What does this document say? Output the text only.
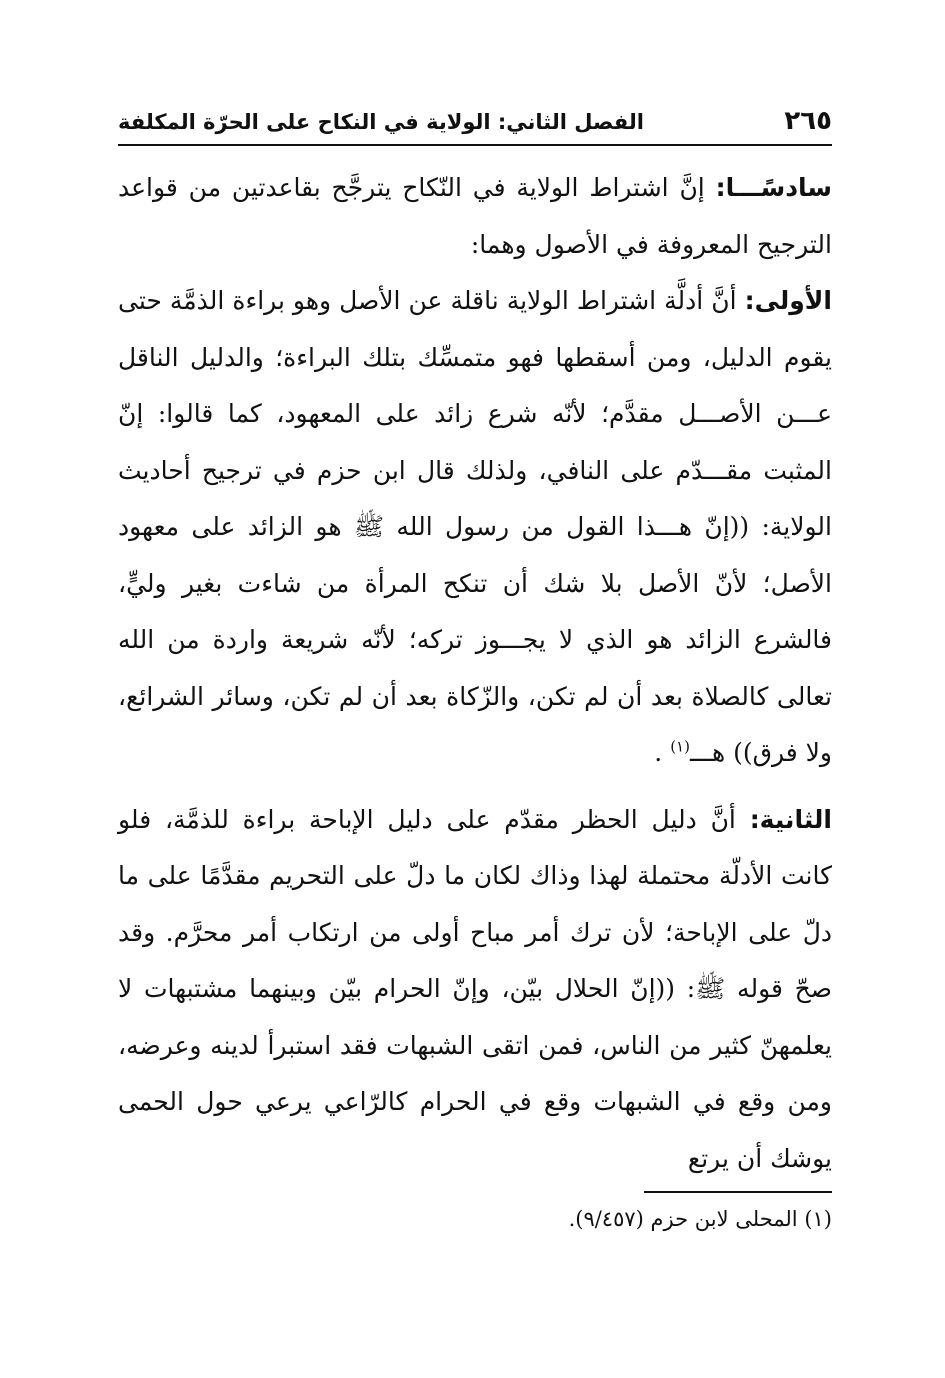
٢٦٥
الفصل الثاني: الولاية في النكاح على الحرّة المكلفة

سادسًـــا: إنَّ اشتراط الولاية في النّكاح يترجَّح بقاعدتين من قواعد الترجيح المعروفة في الأصول وهما:

الأولى: أنَّ أدلَّة اشتراط الولاية ناقلة عن الأصل وهو براءة الذمَّة حتى يقوم الدليل، ومن أسقطها فهو متمسِّك بتلك البراءة؛ والدليل الناقل عـــن الأصـــل مقدَّم؛ لأنّه شرع زائد على المعهود، كما قالوا: إنّ المثبت مقـــدّم على النافي، ولذلك قال ابن حزم في ترجيح أحاديث الولاية: ((إنّ هـــذا القول من رسول الله ﷺ هو الزائد على معهود الأصل؛ لأنّ الأصل بلا شك أن تنكح المرأة من شاءت بغير وليٍّ، فالشرع الزائد هو الذي لا يجـــوز تركه؛ لأنّه شريعة واردة من الله تعالى كالصلاة بعد أن لم تكن، والزّكاة بعد أن لم تكن، وسائر الشرائع، ولا فرق)) هـــ$^{(١)}$ .

الثانية: أنَّ دليل الحظر مقدّم على دليل الإباحة براءة للذمَّة، فلو كانت الأدلّة محتملة لهذا وذاك لكان ما دلّ على التحريم مقدَّمًا على ما دلّ على الإباحة؛ لأن ترك أمر مباح أولى من ارتكاب أمر محرَّم. وقد صحّ قوله ﷺ: ((إنّ الحلال بيّن، وإنّ الحرام بيّن وبينهما مشتبهات لا يعلمهنّ كثير من الناس، فمن اتقى الشبهات فقد استبرأ لدينه وعرضه، ومن وقع في الشبهات وقع في الحرام كالرّاعي يرعي حول الحمى يوشك أن يرتع

(١) المحلى لابن حزم (٩/٤٥٧).
